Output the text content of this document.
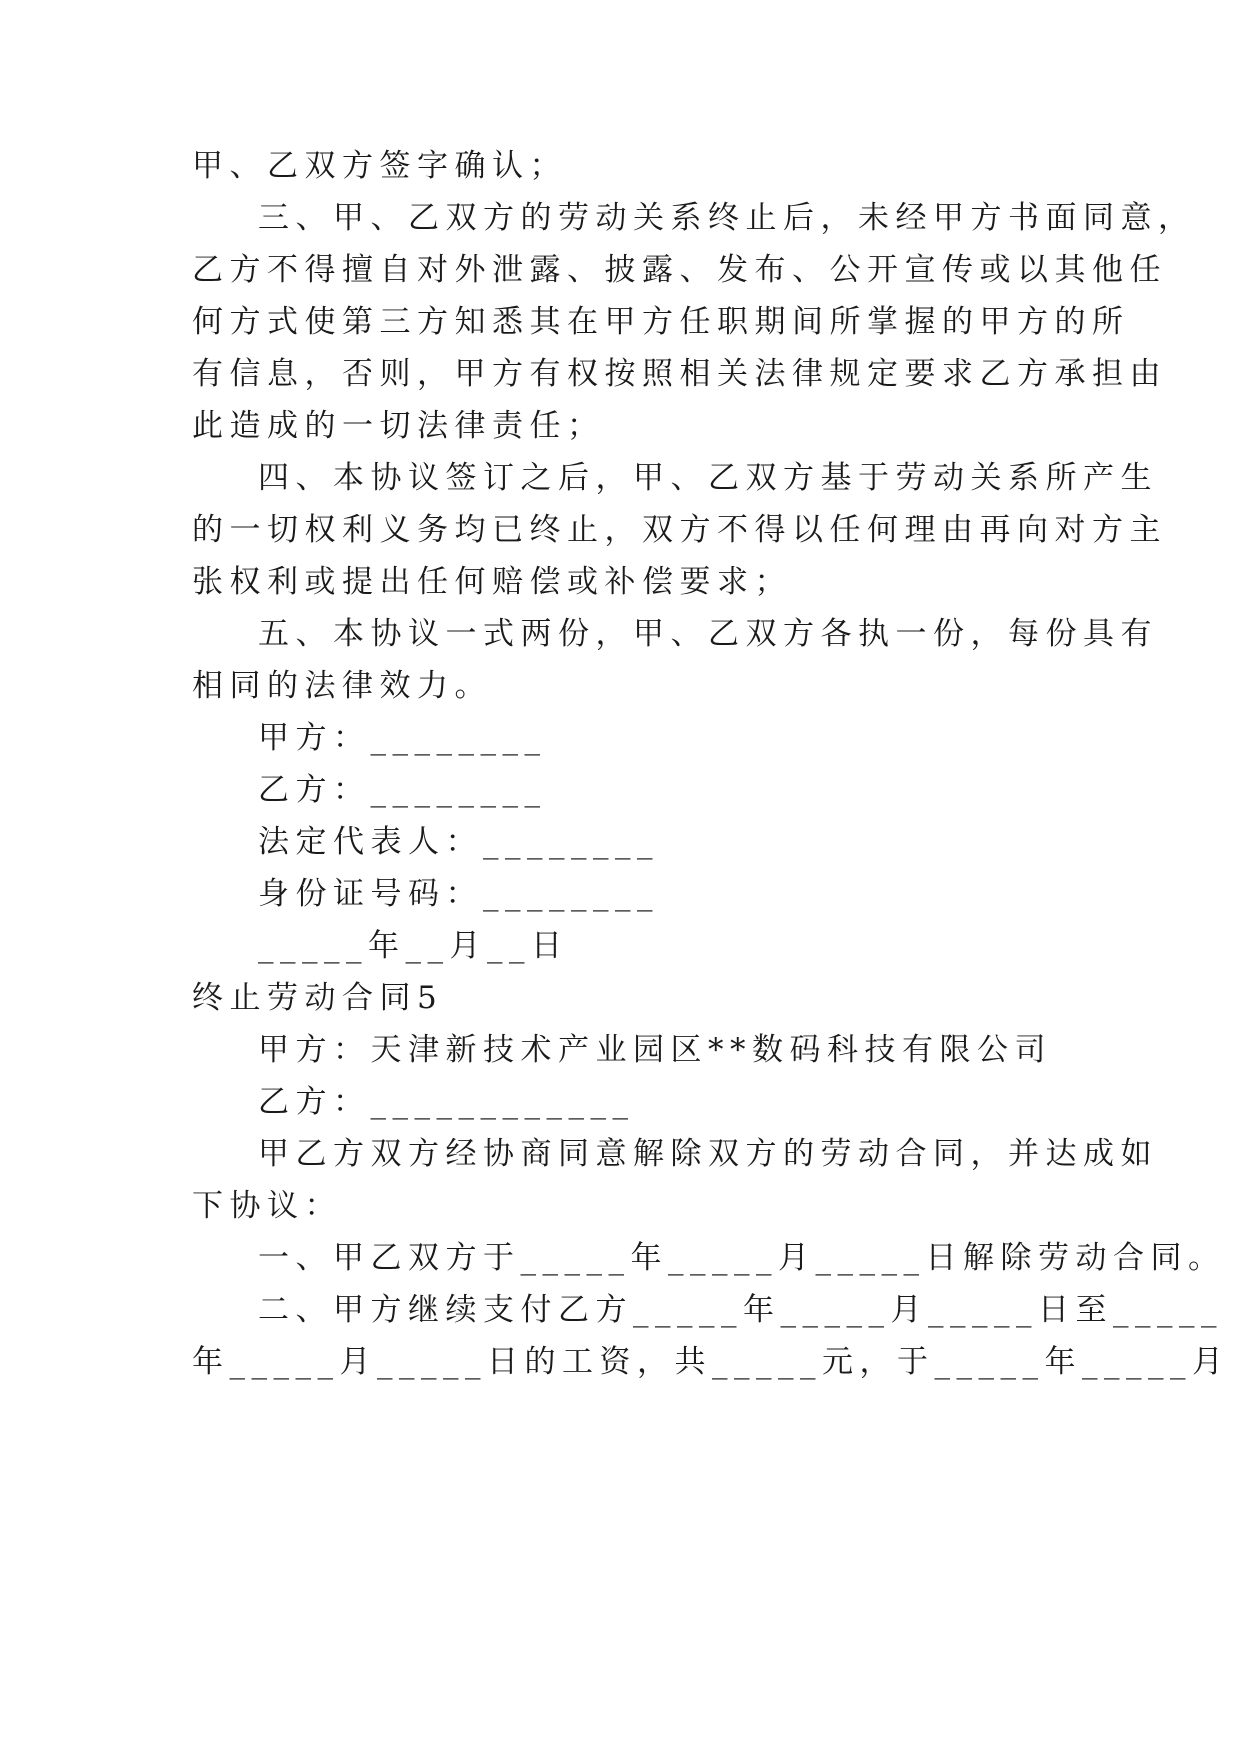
甲、乙双方签字确认；
三、甲、乙双方的劳动关系终止后，未经甲方书面同意，
乙方不得擅自对外泄露、披露、发布、公开宣传或以其他任
何方式使第三方知悉其在甲方任职期间所掌握的甲方的所
有信息，否则，甲方有权按照相关法律规定要求乙方承担由
此造成的一切法律责任；
四、本协议签订之后，甲、乙双方基于劳动关系所产生
的一切权利义务均已终止，双方不得以任何理由再向对方主
张权利或提出任何赔偿或补偿要求；
五、本协议一式两份，甲、乙双方各执一份，每份具有
相同的法律效力。
甲方：________
乙方：________
法定代表人：________
身份证号码：________
_____年__月__日
终止劳动合同5
甲方：天津新技术产业园区**数码科技有限公司
乙方：____________
甲乙方双方经协商同意解除双方的劳动合同，并达成如
下协议：
一、甲乙双方于_____年_____月_____日解除劳动合同。
二、甲方继续支付乙方_____年_____月_____日至_____
年_____月_____日的工资，共_____元，于_____年_____月
